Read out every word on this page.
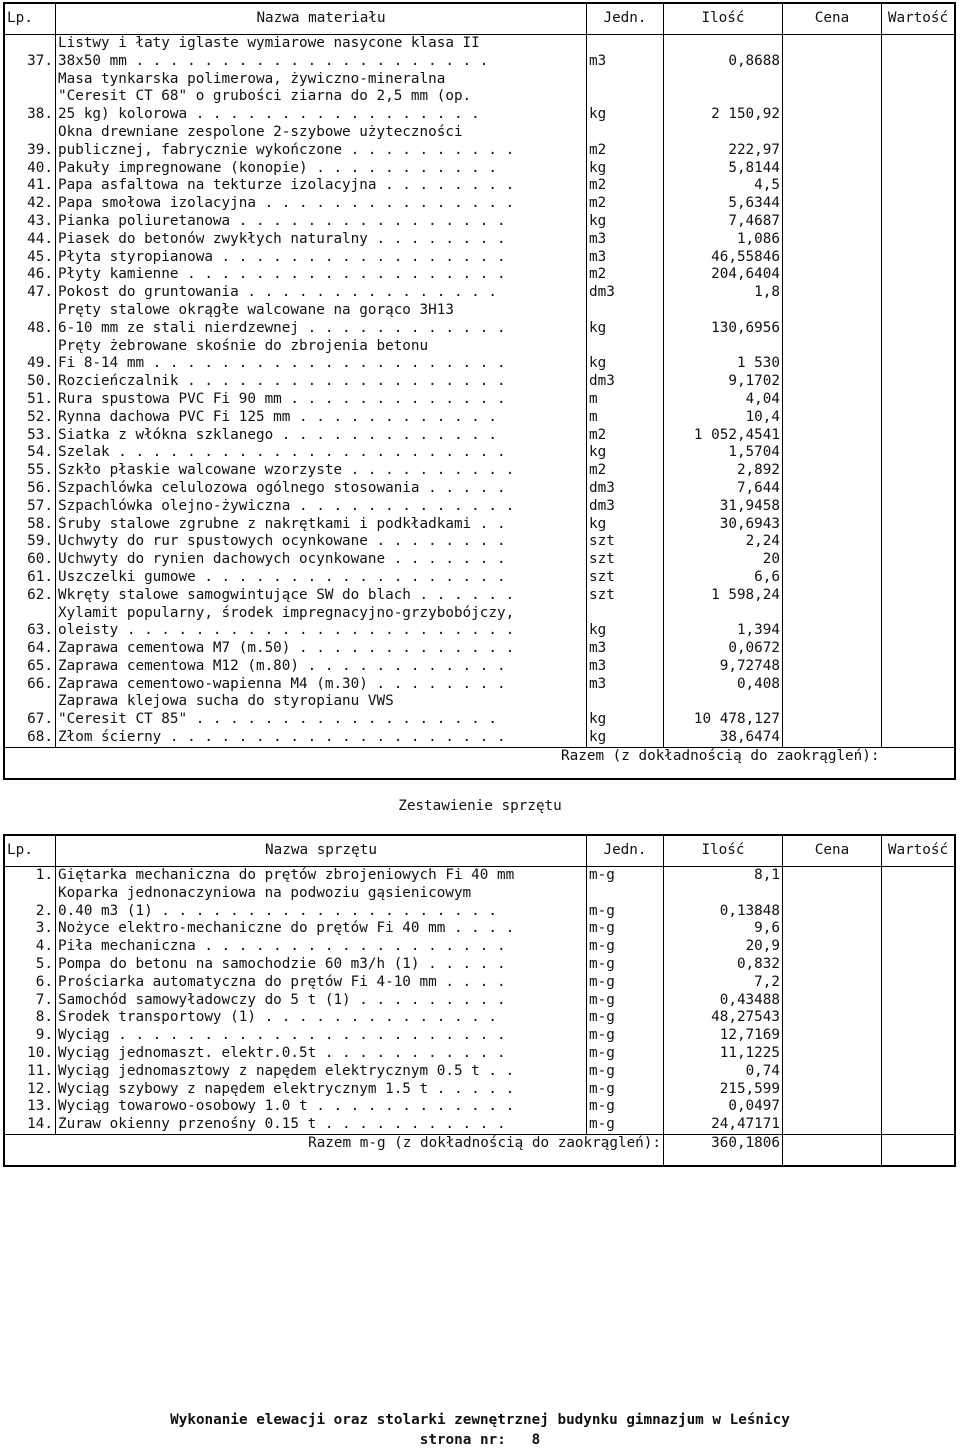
Lp.	Nazwa materiału	Jedn.	Ilość	Cena	Wartość
37.	Listwy i łaty iglaste wymiarowe nasycone klasa II
38x50 mm . . . . . . . . . . . . . . . . . . . . .	m3	0,8688		
38.	Masa tynkarska polimerowa, żywiczno-mineralna
"Ceresit CT 68" o grubości ziarna do 2,5 mm (op.
25 kg) kolorowa . . . . . . . . . . . . . . . . .	kg	2 150,92		
39.	Okna drewniane zespolone 2-szybowe użyteczności
publicznej, fabrycznie wykończone . . . . . . . . . .	m2	222,97		
40.	Pakuły impregnowane (konopie) . . . . . . . . . . .	kg	5,8144		
41.	Papa asfaltowa na tekturze izolacyjna . . . . . . . .	m2	4,5		
42.	Papa smołowa izolacyjna . . . . . . . . . . . . . . .	m2	5,6344		
43.	Pianka poliuretanowa . . . . . . . . . . . . . . . .	kg	7,4687		
44.	Piasek do betonów zwykłych naturalny . . . . . . . .	m3	1,086		
45.	Płyta styropianowa . . . . . . . . . . . . . . . . .	m3	46,55846		
46.	Płyty kamienne . . . . . . . . . . . . . . . . . . .	m2	204,6404		
47.	Pokost do gruntowania . . . . . . . . . . . . . . .	dm3	1,8		
48.	Pręty stalowe okrągłe walcowane na gorąco 3H13
6-10 mm ze stali nierdzewnej . . . . . . . . . . . .	kg	130,6956		
49.	Pręty żebrowane skośnie do zbrojenia betonu
Fi 8-14 mm . . . . . . . . . . . . . . . . . . . . .	kg	1 530		
50.	Rozcieńczalnik . . . . . . . . . . . . . . . . . . .	dm3	9,1702		
51.	Rura spustowa PVC Fi 90 mm . . . . . . . . . . . . .	m	4,04		
52.	Rynna dachowa PVC Fi 125 mm . . . . . . . . . . . .	m	10,4		
53.	Siatka z włókna szklanego . . . . . . . . . . . . .	m2	1 052,4541		
54.	Szelak . . . . . . . . . . . . . . . . . . . . . . .	kg	1,5704		
55.	Szkło płaskie walcowane wzorzyste . . . . . . . . . .	m2	2,892		
56.	Szpachlówka celulozowa ogólnego stosowania . . . . .	dm3	7,644		
57.	Szpachlówka olejno-żywiczna . . . . . . . . . . . . .	dm3	31,9458		
58.	Śruby stalowe zgrubne z nakrętkami i podkładkami . .	kg	30,6943		
59.	Uchwyty do rur spustowych ocynkowane . . . . . . . .	szt	2,24		
60.	Uchwyty do rynien dachowych ocynkowane . . . . . . .	szt	20		
61.	Uszczelki gumowe . . . . . . . . . . . . . . . . . .	szt	6,6		
62.	Wkręty stalowe samogwintujące SW do blach . . . . . .	szt	1 598,24		
63.	Xylamit popularny, środek impregnacyjno-grzybobójczy,
oleisty . . . . . . . . . . . . . . . . . . . . . . .	kg	1,394		
64.	Zaprawa cementowa M7 (m.50) . . . . . . . . . . . . .	m3	0,0672		
65.	Zaprawa cementowa M12 (m.80) . . . . . . . . . . . .	m3	9,72748		
66.	Zaprawa cementowo-wapienna M4 (m.30) . . . . . . . .	m3	0,408		
67.	Zaprawa klejowa sucha do styropianu VWS
"Ceresit CT 85" . . . . . . . . . . . . . . . . . .	kg	10 478,127		
68.	Złom ścierny . . . . . . . . . . . . . . . . . . . .	kg	38,6474		
Razem (z dokładnością do zaokrągleń):					
Zestawienie sprzętu
Lp.	Nazwa sprzętu	Jedn.	Ilość	Cena	Wartość
1.	Giętarka mechaniczna do prętów zbrojeniowych Fi 40 mm	m-g	8,1		
2.	Koparka jednonaczyniowa na podwoziu gąsienicowym
0.40 m3 (1) . . . . . . . . . . . . . . . . . . . .	m-g	0,13848		
3.	Nożyce elektro-mechaniczne do prętów Fi 40 mm . . . .	m-g	9,6		
4.	Piła mechaniczna . . . . . . . . . . . . . . . . . .	m-g	20,9		
5.	Pompa do betonu na samochodzie 60 m3/h (1) . . . . .	m-g	0,832		
6.	Prościarka automatyczna do prętów Fi 4-10 mm . . . .	m-g	7,2		
7.	Samochód samowyładowczy do 5 t (1) . . . . . . . . .	m-g	0,43488		
8.	Środek transportowy (1) . . . . . . . . . . . . . .	m-g	48,27543		
9.	Wyciąg . . . . . . . . . . . . . . . . . . . . . . .	m-g	12,7169		
10.	Wyciąg jednomaszt. elektr.0.5t . . . . . . . . . . .	m-g	11,1225		
11.	Wyciąg jednomasztowy z napędem elektrycznym 0.5 t . .	m-g	0,74		
12.	Wyciąg szybowy z napędem elektrycznym 1.5 t . . . . .	m-g	215,599		
13.	Wyciąg towarowo-osobowy 1.0 t . . . . . . . . . . . .	m-g	0,0497		
14.	Żuraw okienny przenośny 0.15 t . . . . . . . . . . .	m-g	24,47171		
Razem m-g (z dokładnością do zaokrągleń):			360,1806		
Wykonanie elewacji oraz stolarki zewnętrznej budynku gimnazjum w Leśnicy
strona nr:   8
